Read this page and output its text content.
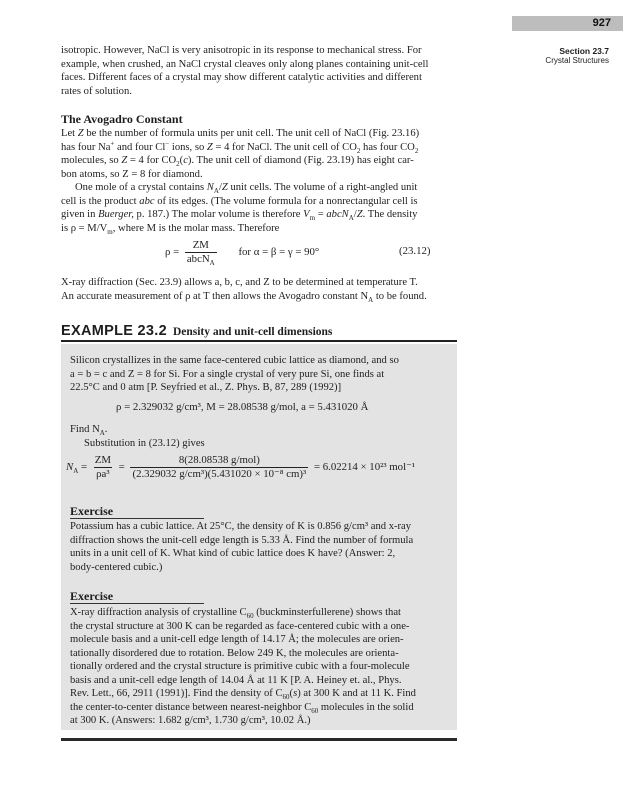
927
Section 23.7
Crystal Structures
isotropic. However, NaCl is very anisotropic in its response to mechanical stress. For
example, when crushed, an NaCl crystal cleaves only along planes containing unit-cell
faces. Different faces of a crystal may show different catalytic activities and different
rates of solution.
The Avogadro Constant
Let Z be the number of formula units per unit cell. The unit cell of NaCl (Fig. 23.16)
has four Na+ and four Cl− ions, so Z = 4 for NaCl. The unit cell of $CO_2$ has four $CO_2$
molecules, so Z = 4 for $CO_2(c)$. The unit cell of diamond (Fig. 23.19) has eight car-
bon atoms, so Z = 8 for diamond.
One mole of a crystal contains $N_A/Z$ unit cells. The volume of a right-angled unit
cell is the product abc of its edges. (The volume formula for a nonrectangular cell is
given in Buerger, p. 187.) The molar volume is therefore $V_m$ = abcN$_A$/Z. The density
is $\rho = M/V_m$, where M is the molar mass. Therefore
$\rho = \frac{ZM}{abcN_A}$ for α = β = γ = 90°	(23.12)
X-ray diffraction (Sec. 23.9) allows a, b, c, and Z to be determined at temperature T.
An accurate measurement of ρ at T then allows the Avogadro constant $N_A$ to be found.
EXAMPLE 23.2 Density and unit-cell dimensions
Silicon crystallizes in the same face-centered cubic lattice as diamond, and so
a = b = c and Z = 8 for Si. For a single crystal of very pure Si, one finds at
22.5°C and 0 atm [P. Seyfried et al., Z. Phys. B, 87, 289 (1992)]
ρ = 2.329032 g/cm³, M = 28.08538 g/mol, a = 5.431020 Å
Find $N_A$.
Substitution in (23.12) gives
$N_A = \frac{ZM}{\text{ρa³}} = \frac{\text{8(28.08538 g/mol)}}{\text{(2.329032 g/cm³)(5.431020 × 10⁻⁸ cm)³}} = 6.02214 \times 10^{23}$ mol⁻¹
Exercise
Potassium has a cubic lattice. At 25°C, the density of K is 0.856 g/cm³ and x-ray
diffraction shows the unit-cell edge length is 5.33 Å. Find the number of formula
units in a unit cell of K. What kind of cubic lattice does K have? (Answer: 2,
body-centered cubic.)
Exercise
X-ray diffraction analysis of crystalline $C_{60}$ (buckminsterfullerene) shows that
the crystal structure at 300 K can be regarded as face-centered cubic with a one-
molecule basis and a unit-cell edge length of 14.17 Å; the molecules are orien-
tationally disordered due to rotation. Below 249 K, the molecules are orienta-
tionally ordered and the crystal structure is primitive cubic with a four-molecule
basis and a unit-cell edge length of 14.04 Å at 11 K [P. A. Heiney et. al., Phys.
Rev. Lett., 66, 2911 (1991)]. Find the density of $C_{60}(s)$ at 300 K and at 11 K. Find
the center-to-center distance between nearest-neighbor $C_{60}$ molecules in the solid
at 300 K. (Answers: 1.682 g/cm³, 1.730 g/cm³, 10.02 Å.)
